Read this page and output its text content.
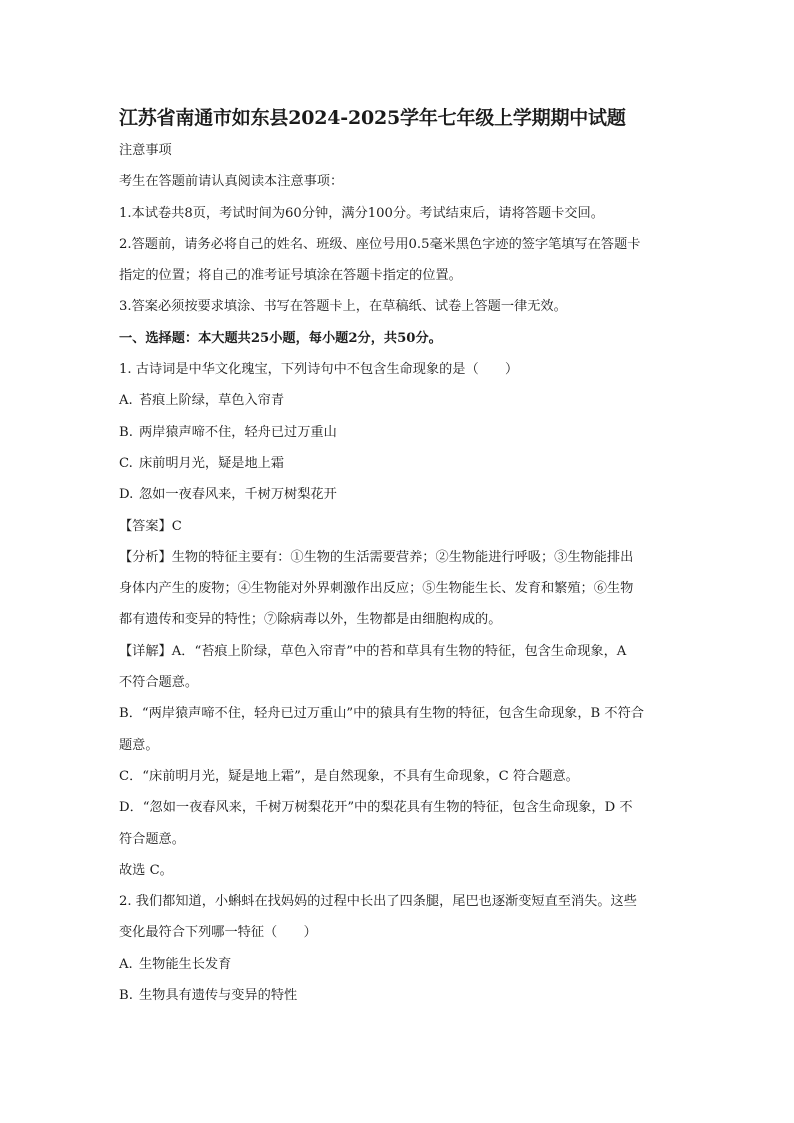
江苏省南通市如东县2024-2025学年七年级上学期期中试题
注意事项
考生在答题前请认真阅读本注意事项：
1.本试卷共8页，考试时间为60分钟，满分100分。考试结束后，请将答题卡交回。
2.答题前，请务必将自己的姓名、班级、座位号用0.5毫米黑色字迹的签字笔填写在答题卡
指定的位置；将自己的准考证号填涂在答题卡指定的位置。
3.答案必须按要求填涂、书写在答题卡上，在草稿纸、试卷上答题一律无效。
一、选择题：本大题共25小题，每小题2分，共50分。
1. 古诗词是中华文化瑰宝，下列诗句中不包含生命现象的是（　　）
A. 苔痕上阶绿，草色入帘青
B. 两岸猿声啼不住，轻舟已过万重山
C. 床前明月光，疑是地上霜
D. 忽如一夜春风来，千树万树梨花开
【答案】C
【分析】生物的特征主要有：①生物的生活需要营养；②生物能进行呼吸；③生物能排出
身体内产生的废物；④生物能对外界刺激作出反应；⑤生物能生长、发育和繁殖；⑥生物
都有遗传和变异的特性；⑦除病毒以外，生物都是由细胞构成的。
【详解】A．“苔痕上阶绿，草色入帘青”中的苔和草具有生物的特征，包含生命现象，A
不符合题意。
B．“两岸猿声啼不住，轻舟已过万重山”中的猿具有生物的特征，包含生命现象，B 不符合
题意。
C．“床前明月光，疑是地上霜”，是自然现象，不具有生命现象，C 符合题意。
D．“忽如一夜春风来，千树万树梨花开”中的梨花具有生物的特征，包含生命现象，D 不
符合题意。
故选 C。
2. 我们都知道，小蝌蚪在找妈妈的过程中长出了四条腿，尾巴也逐渐变短直至消失。这些
变化最符合下列哪一特征（　　）
A. 生物能生长发育
B. 生物具有遗传与变异的特性
